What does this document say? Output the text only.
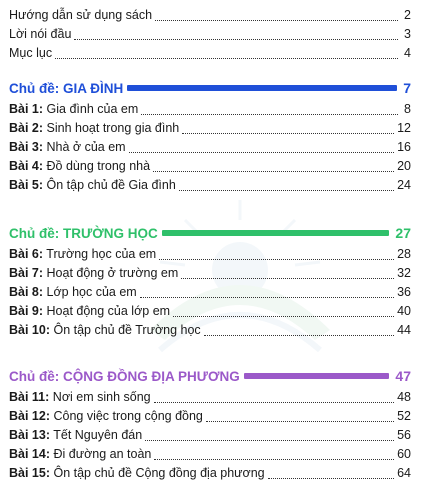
Hướng dẫn sử dụng sách	2
Lời nói đầu	3
Mục lục	4
Chủ đề: GIA ĐÌNH	7
Bài 1: Gia đình của em	8
Bài 2: Sinh hoạt trong gia đình	12
Bài 3: Nhà ở của em	16
Bài 4: Đồ dùng trong nhà	20
Bài 5: Ôn tập chủ đề Gia đình	24
Chủ đề: TRƯỜNG HỌC	27
Bài 6: Trường học của em	28
Bài 7: Hoạt động ở trường em	32
Bài 8: Lớp học của em	36
Bài 9: Hoạt động của lớp em	40
Bài 10: Ôn tập chủ đề Trường học	44
Chủ đề: CỘNG ĐỒNG ĐỊA PHƯƠNG	47
Bài 11: Nơi em sinh sống	48
Bài 12: Công việc trong cộng đồng	52
Bài 13: Tết Nguyên đán	56
Bài 14: Đi đường an toàn	60
Bài 15: Ôn tập chủ đề Cộng đồng địa phương	64
